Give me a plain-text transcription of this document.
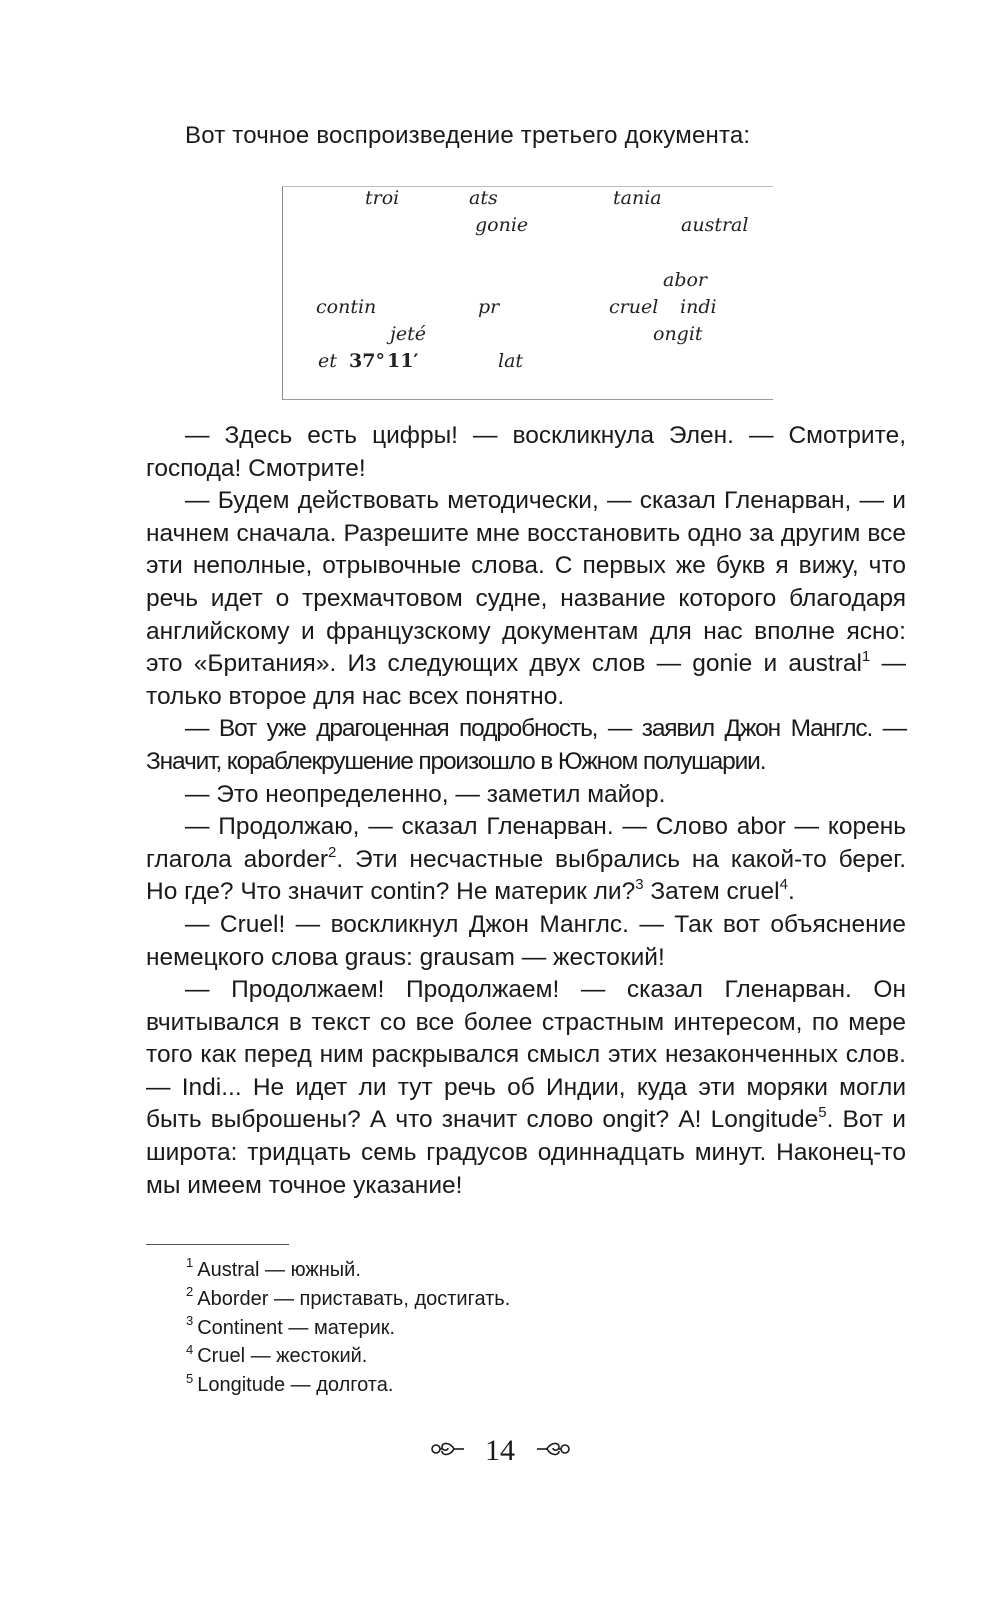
Вот точное воспроизведение третьего документа:
troi	ats	tania
gonie	austral
abor
contin	pr	cruel indi
jeté	ongit
et 37° 11′	lat

— Здесь есть цифры! — воскликнула Элен. — Смотрите, господа! Смотрите!

— Будем действовать методически, — сказал Гленарван, — и начнем сначала. Разрешите мне восстановить одно за другим все эти неполные, отрывочные слова. С первых же букв я вижу, что речь идет о трехмачтовом судне, название которого благодаря английскому и французскому документам для нас вполне ясно: это «Британия». Из следующих двух слов — gonie и austral$^1$ — только второе для нас всех понятно.

— Вот уже драгоценная подробность, — заявил Джон Манглс. — Значит, кораблекрушение произошло в Южном полушарии.

— Это неопределенно, — заметил майор.

— Продолжаю, — сказал Гленарван. — Слово abor — корень глагола aborder$^2$. Эти несчастные выбрались на какой-то берег. Но где? Что значит contin? Не материк ли?$^3$ Затем cruel$^4$.

— Cruel! — воскликнул Джон Манглс. — Так вот объяснение немецкого слова graus: grausam — жестокий!

— Продолжаем! Продолжаем! — сказал Гленарван. Он вчитывался в текст со все более страстным интересом, по мере того как перед ним раскрывался смысл этих незаконченных слов. — Indi... Не идет ли тут речь об Индии, куда эти моряки могли быть выброшены? А что значит слово ongit? А! Longitude$^5$. Вот и широта: тридцать семь градусов одиннадцать минут. Наконец-то мы имеем точное указание!

$^1$ Austral — южный.
$^2$ Aborder — приставать, достигать.
$^3$ Continent — материк.
$^4$ Cruel — жестокий.
$^5$ Longitude — долгота.
14
